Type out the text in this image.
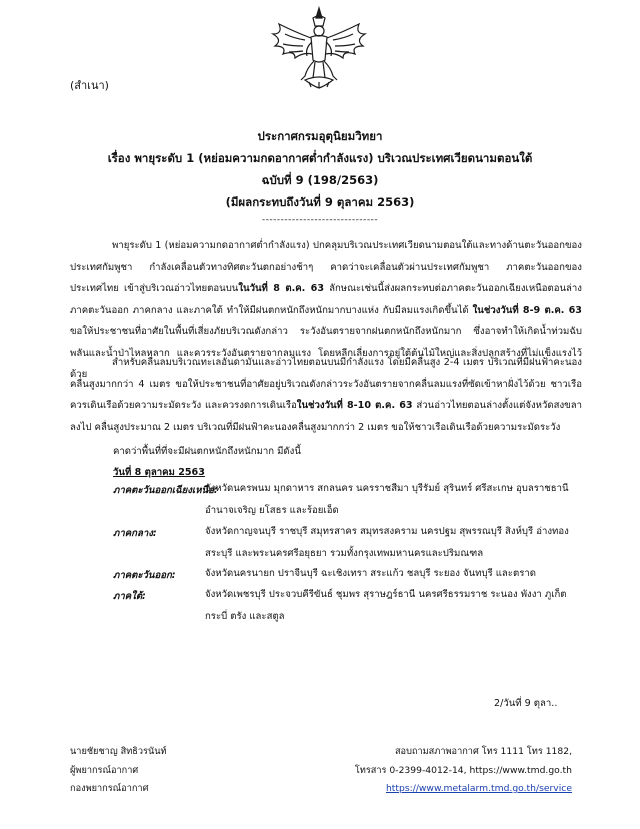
(สำเนา)
ประกาศกรมอุตุนิยมวิทยา
เรื่อง พายุระดับ 1 (หย่อมความกดอากาศต่ำกำลังแรง) บริเวณประเทศเวียดนามตอนใต้
ฉบับที่ 9 (198/2563)
(มีผลกระทบถึงวันที่ 9 ตุลาคม 2563)
-------------------------------
พายุระดับ 1 (หย่อมความกดอากาศต่ำกำลังแรง) ปกคลุมบริเวณประเทศเวียดนามตอนใต้และทางด้านตะวันออกของประเทศกัมพูชา กำลังเคลื่อนตัวทางทิศตะวันตกอย่างช้าๆ คาดว่าจะเคลื่อนตัวผ่านประเทศกัมพูชา ภาคตะวันออกของประเทศไทย เข้าสู่บริเวณอ่าวไทยตอนบนในวันที่ 8 ต.ค. 63 ลักษณะเช่นนี้ส่งผลกระทบต่อภาคตะวันออกเฉียงเหนือตอนล่าง ภาคตะวันออก ภาคกลาง และภาคใต้ ทำให้มีฝนตกหนักถึงหนักมากบางแห่ง กับมีลมแรงเกิดขึ้นได้ ในช่วงวันที่ 8-9 ต.ค. 63 ขอให้ประชาชนที่อาศัยในพื้นที่เสี่ยงภัยบริเวณดังกล่าว ระวังอันตรายจากฝนตกหนักถึงหนักมาก ซึ่งอาจทำให้เกิดน้ำท่วมฉับพลันและน้ำป่าไหลหลาก และควรระวังอันตรายจากลมแรง โดยหลีกเลี่ยงการอยู่ใต้ต้นไม้ใหญ่และสิ่งปลูกสร้างที่ไม่แข็งแรงไว้ด้วย
สำหรับคลื่นลมบริเวณทะเลอันดามันและอ่าวไทยตอนบนมีกำลังแรง โดยมีคลื่นสูง 2-4 เมตร บริเวณที่มีฝนฟ้าคะนอง คลื่นสูงมากกว่า 4 เมตร ขอให้ประชาชนที่อาศัยอยู่บริเวณดังกล่าวระวังอันตรายจากคลื่นลมแรงที่ซัดเข้าหาฝั่งไว้ด้วย ชาวเรือควรเดินเรือด้วยความระมัดระวัง และควรงดการเดินเรือในช่วงวันที่ 8-10 ต.ค. 63 ส่วนอ่าวไทยตอนล่างตั้งแต่จังหวัดสงขลาลงไป คลื่นสูงประมาณ 2 เมตร บริเวณที่มีฝนฟ้าคะนองคลื่นสูงมากกว่า 2 เมตร ขอให้ชาวเรือเดินเรือด้วยความระมัดระวัง
คาดว่าพื้นที่ที่จะมีฝนตกหนักถึงหนักมาก มีดังนี้
วันที่ 8 ตุลาคม 2563
ภาคตะวันออกเฉียงเหนือ:
จังหวัดนครพนม มุกดาหาร สกลนคร นครราชสีมา บุรีรัมย์ สุรินทร์ ศรีสะเกษ อุบลราชธานี อำนาจเจริญ ยโสธร และร้อยเอ็ด
ภาคกลาง:	จังหวัดกาญจนบุรี ราชบุรี สมุทรสาคร สมุทรสงคราม นครปฐม สุพรรณบุรี สิงห์บุรี อ่างทอง สระบุรี และพระนครศรีอยุธยา รวมทั้งกรุงเทพมหานครและปริมณฑล
ภาคตะวันออก:	จังหวัดนครนายก ปราจีนบุรี ฉะเชิงเทรา สระแก้ว ชลบุรี ระยอง จันทบุรี และตราด
ภาคใต้:	จังหวัดเพชรบุรี ประจวบคีรีขันธ์ ชุมพร สุราษฎร์ธานี นครศรีธรรมราช ระนอง พังงา ภูเก็ต กระบี่ ตรัง และสตูล
2/วันที่ 9 ตุลา..
นายชัยชาญ สิทธิวรนันท์
ผู้พยากรณ์อากาศ
กองพยากรณ์อากาศ
สอบถามสภาพอากาศ โทร 1111 โทร 1182,
โทรสาร 0-2399-4012-14, https://www.tmd.go.th
https://www.metalarm.tmd.go.th/service
